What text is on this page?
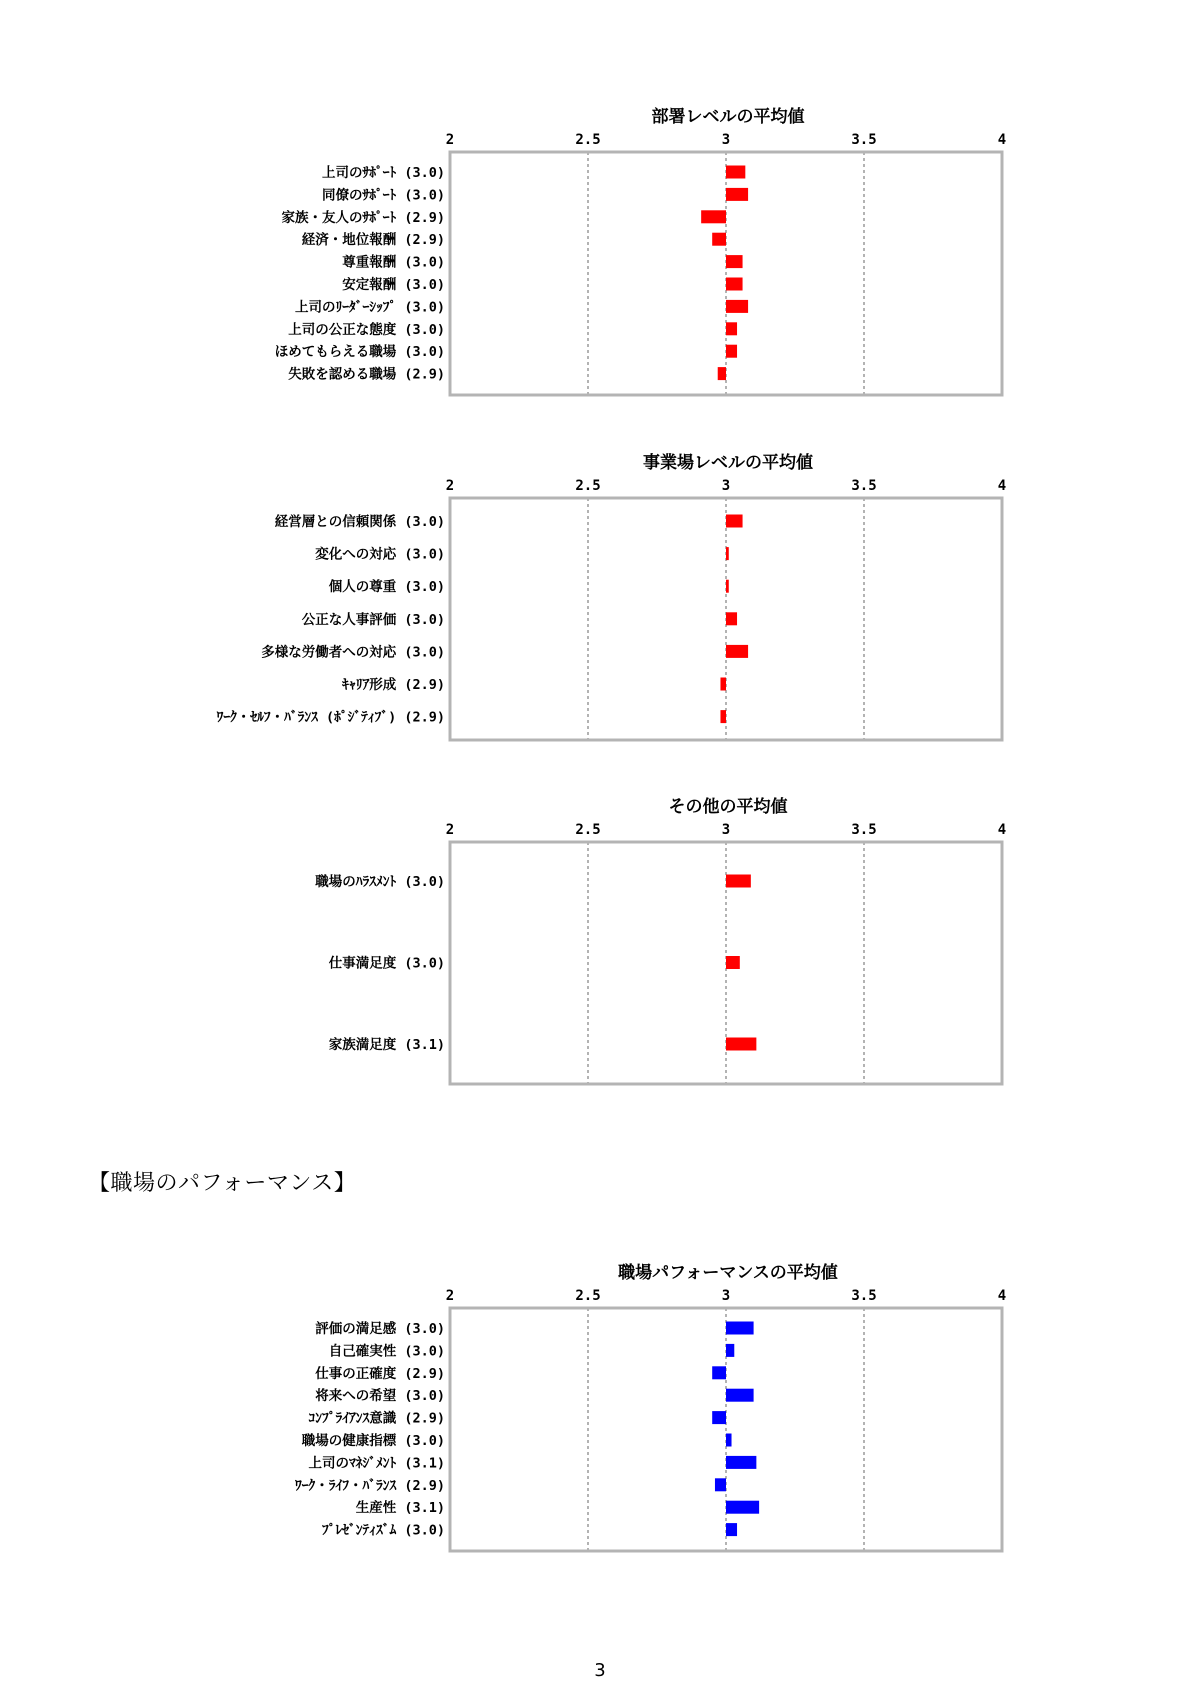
部署レベルの平均値
2	2.5	3	3.5	4
上司のｻﾎﾟｰﾄ (3.0)
同僚のｻﾎﾟｰﾄ (3.0)
家族・友人のｻﾎﾟｰﾄ (2.9)
経済・地位報酬 (2.9)
尊重報酬 (3.0)
安定報酬 (3.0)
上司のﾘｰﾀﾞｰｼｯﾌﾟ (3.0)
上司の公正な態度 (3.0)
ほめてもらえる職場 (3.0)
失敗を認める職場 (2.9)
事業場レベルの平均値
2	2.5	3	3.5	4
経営層との信頼関係 (3.0)
変化への対応 (3.0)
個人の尊重 (3.0)
公正な人事評価 (3.0)
多様な労働者への対応 (3.0)
ｷｬﾘｱ形成 (2.9)
ﾜｰｸ・ｾﾙﾌ・ﾊﾞﾗﾝｽ (ﾎﾟｼﾞﾃｨﾌﾞ) (2.9)
その他の平均値
2	2.5	3	3.5	4
職場のﾊﾗｽﾒﾝﾄ (3.0)
仕事満足度 (3.0)
家族満足度 (3.1)
職場パフォーマンスの平均値
2	2.5	3	3.5	4
評価の満足感 (3.0)
自己確実性 (3.0)
仕事の正確度 (2.9)
将来への希望 (3.0)
ｺﾝﾌﾟﾗｲｱﾝｽ意識 (2.9)
職場の健康指標 (3.0)
上司のﾏﾈｼﾞﾒﾝﾄ (3.1)
ﾜｰｸ・ﾗｲﾌ・ﾊﾞﾗﾝｽ (2.9)
生産性 (3.1)
ﾌﾟﾚｾﾞﾝﾃｨｽﾞﾑ (3.0)
【職場のパフォーマンス】
3
